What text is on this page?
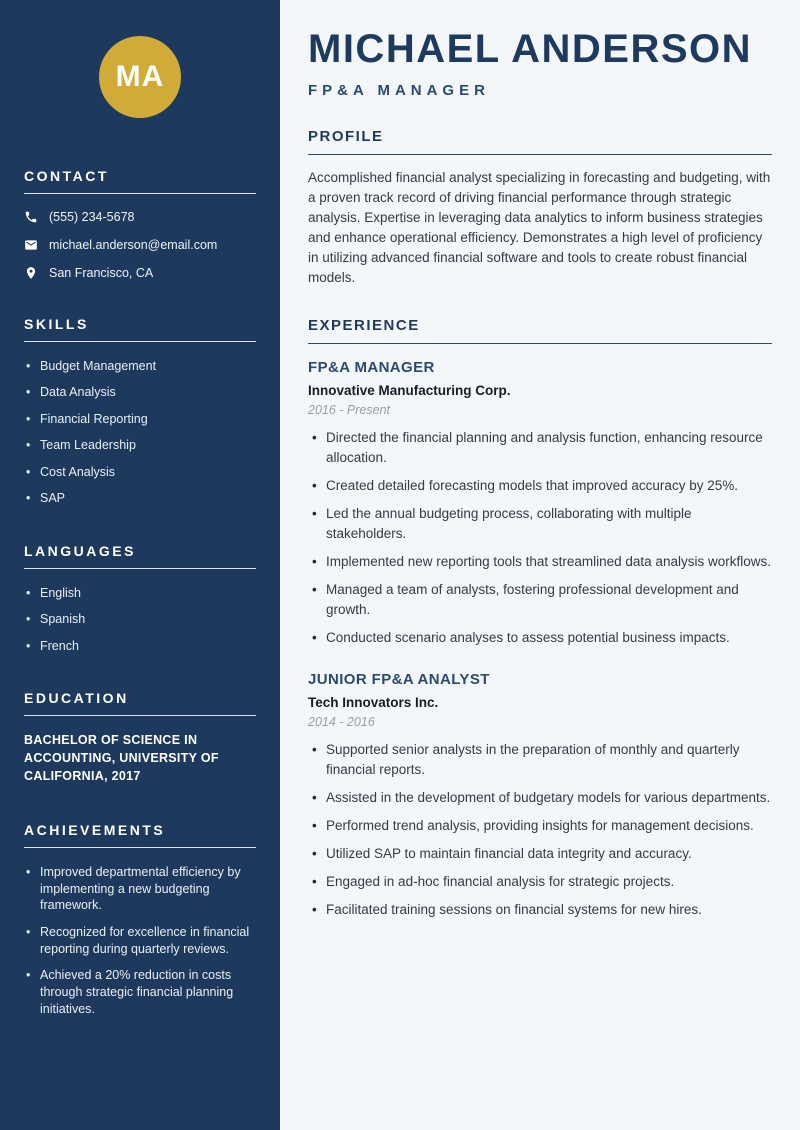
MA
CONTACT
(555) 234-5678
michael.anderson@email.com
San Francisco, CA
SKILLS
• Budget Management
• Data Analysis
• Financial Reporting
• Team Leadership
• Cost Analysis
• SAP
LANGUAGES
• English
• Spanish
• French
EDUCATION

BACHELOR OF SCIENCE IN ACCOUNTING, UNIVERSITY OF CALIFORNIA, 2017

ACHIEVEMENTS
• Improved departmental efficiency by implementing a new budgeting framework.
• Recognized for excellence in financial reporting during quarterly reviews.
• Achieved a 20% reduction in costs through strategic financial planning initiatives.
MICHAEL ANDERSON
FP&A MANAGER
PROFILE

Accomplished financial analyst specializing in forecasting and budgeting, with a proven track record of driving financial performance through strategic analysis. Expertise in leveraging data analytics to inform business strategies and enhance operational efficiency. Demonstrates a high level of proficiency in utilizing advanced financial software and tools to create robust financial models.

EXPERIENCE
FP&A MANAGER
Innovative Manufacturing Corp.
2016 - Present
• Directed the financial planning and analysis function, enhancing resource allocation.
• Created detailed forecasting models that improved accuracy by 25%.
• Led the annual budgeting process, collaborating with multiple stakeholders.
• Implemented new reporting tools that streamlined data analysis workflows.
• Managed a team of analysts, fostering professional development and growth.
• Conducted scenario analyses to assess potential business impacts.
JUNIOR FP&A ANALYST
Tech Innovators Inc.
2014 - 2016
• Supported senior analysts in the preparation of monthly and quarterly financial reports.
• Assisted in the development of budgetary models for various departments.
• Performed trend analysis, providing insights for management decisions.
• Utilized SAP to maintain financial data integrity and accuracy.
• Engaged in ad-hoc financial analysis for strategic projects.
• Facilitated training sessions on financial systems for new hires.
